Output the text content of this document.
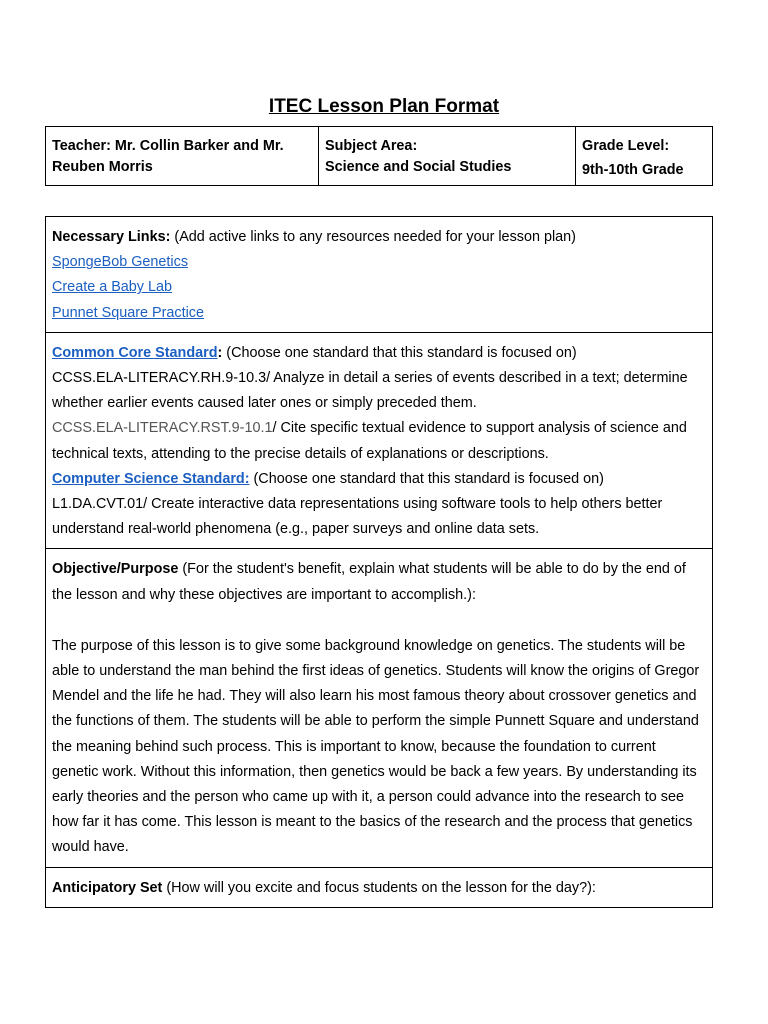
ITEC Lesson Plan Format
Teacher: Mr. Collin Barker and Mr. Reuben Morris	
Subject Area:
Science and Social Studies

Grade Level:
9th-10th Grade

Necessary Links: (Add active links to any resources needed for your lesson plan)

SpongeBob Genetics
Create a Baby Lab
Punnet Square Practice

Common Core Standard: (Choose one standard that this standard is focused on)

CCSS.ELA-LITERACY.RH.9-10.3/ Analyze in detail a series of events described in a text; determine whether earlier events caused later ones or simply preceded them.

CCSS.ELA-LITERACY.RST.9-10.1/ Cite specific textual evidence to support analysis of science and technical texts, attending to the precise details of explanations or descriptions.

Computer Science Standard: (Choose one standard that this standard is focused on)

L1.DA.CVT.01/ Create interactive data representations using software tools to help others better understand real-world phenomena (e.g., paper surveys and online data sets.

Objective/Purpose (For the student's benefit, explain what students will be able to do by the end of the lesson and why these objectives are important to accomplish.):

The purpose of this lesson is to give some background knowledge on genetics. The students will be able to understand the man behind the first ideas of genetics. Students will know the origins of Gregor Mendel and the life he had. They will also learn his most famous theory about crossover genetics and the functions of them. The students will be able to perform the simple Punnett Square and understand the meaning behind such process. This is important to know, because the foundation to current genetic work. Without this information, then genetics would be back a few years. By understanding its early theories and the person who came up with it, a person could advance into the research to see how far it has come. This lesson is meant to the basics of the research and the process that genetics would have.

Anticipatory Set (How will you excite and focus students on the lesson for the day?):
